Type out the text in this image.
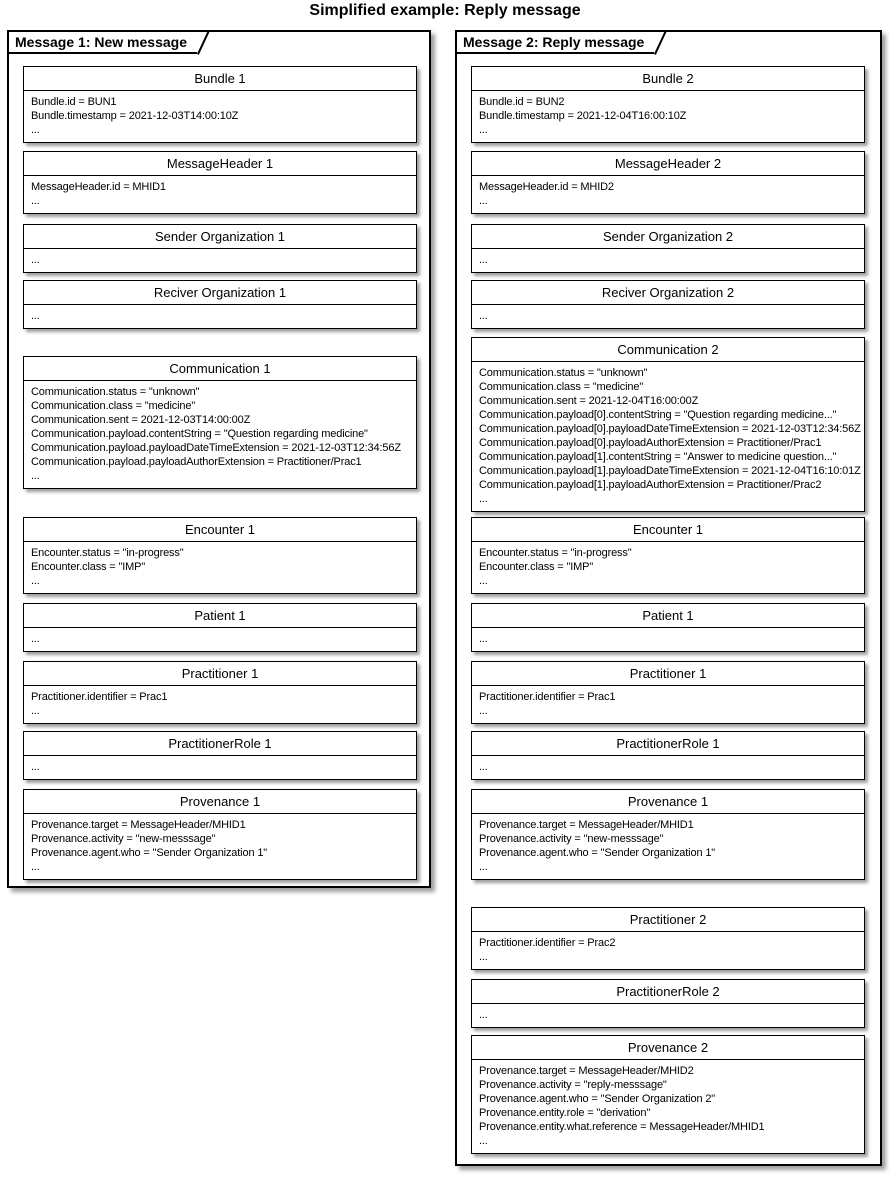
Simplified example: Reply message
Message 1: New message
Bundle 1
Bundle.id = BUN1
Bundle.timestamp = 2021-12-03T14:00:10Z
...
MessageHeader 1
MessageHeader.id = MHID1
...
Sender Organization 1
...
Reciver Organization 1
...
Communication 1
Communication.status = "unknown"
Communication.class = "medicine"
Communication.sent = 2021-12-03T14:00:00Z
Communication.payload.contentString = "Question regarding medicine"
Communication.payload.payloadDateTimeExtension = 2021-12-03T12:34:56Z
Communication.payload.payloadAuthorExtension = Practitioner/Prac1
...
Encounter 1
Encounter.status = "in-progress"
Encounter.class = "IMP"
...
Patient 1
...
Practitioner 1
Practitioner.identifier = Prac1
...
PractitionerRole 1
...
Provenance 1
Provenance.target = MessageHeader/MHID1
Provenance.activity = "new-messsage"
Provenance.agent.who = "Sender Organization 1"
...
Message 2: Reply message
Bundle 2
Bundle.id = BUN2
Bundle.timestamp = 2021-12-04T16:00:10Z
...
MessageHeader 2
MessageHeader.id = MHID2
...
Sender Organization 2
...
Reciver Organization 2
...
Communication 2
Communication.status = "unknown"
Communication.class = "medicine"
Communication.sent = 2021-12-04T16:00:00Z
Communication.payload[0].contentString = "Question regarding medicine..."
Communication.payload[0].payloadDateTimeExtension = 2021-12-03T12:34:56Z
Communication.payload[0].payloadAuthorExtension = Practitioner/Prac1
Communication.payload[1].contentString = "Answer to medicine question..."
Communication.payload[1].payloadDateTimeExtension = 2021-12-04T16:10:01Z
Communication.payload[1].payloadAuthorExtension = Practitioner/Prac2
...
Encounter 1
Encounter.status = "in-progress"
Encounter.class = "IMP"
...
Patient 1
...
Practitioner 1
Practitioner.identifier = Prac1
...
PractitionerRole 1
...
Provenance 1
Provenance.target = MessageHeader/MHID1
Provenance.activity = "new-messsage"
Provenance.agent.who = "Sender Organization 1"
...
Practitioner 2
Practitioner.identifier = Prac2
...
PractitionerRole 2
...
Provenance 2
Provenance.target = MessageHeader/MHID2
Provenance.activity = "reply-messsage"
Provenance.agent.who = "Sender Organization 2"
Provenance.entity.role = "derivation"
Provenance.entity.what.reference = MessageHeader/MHID1
...
